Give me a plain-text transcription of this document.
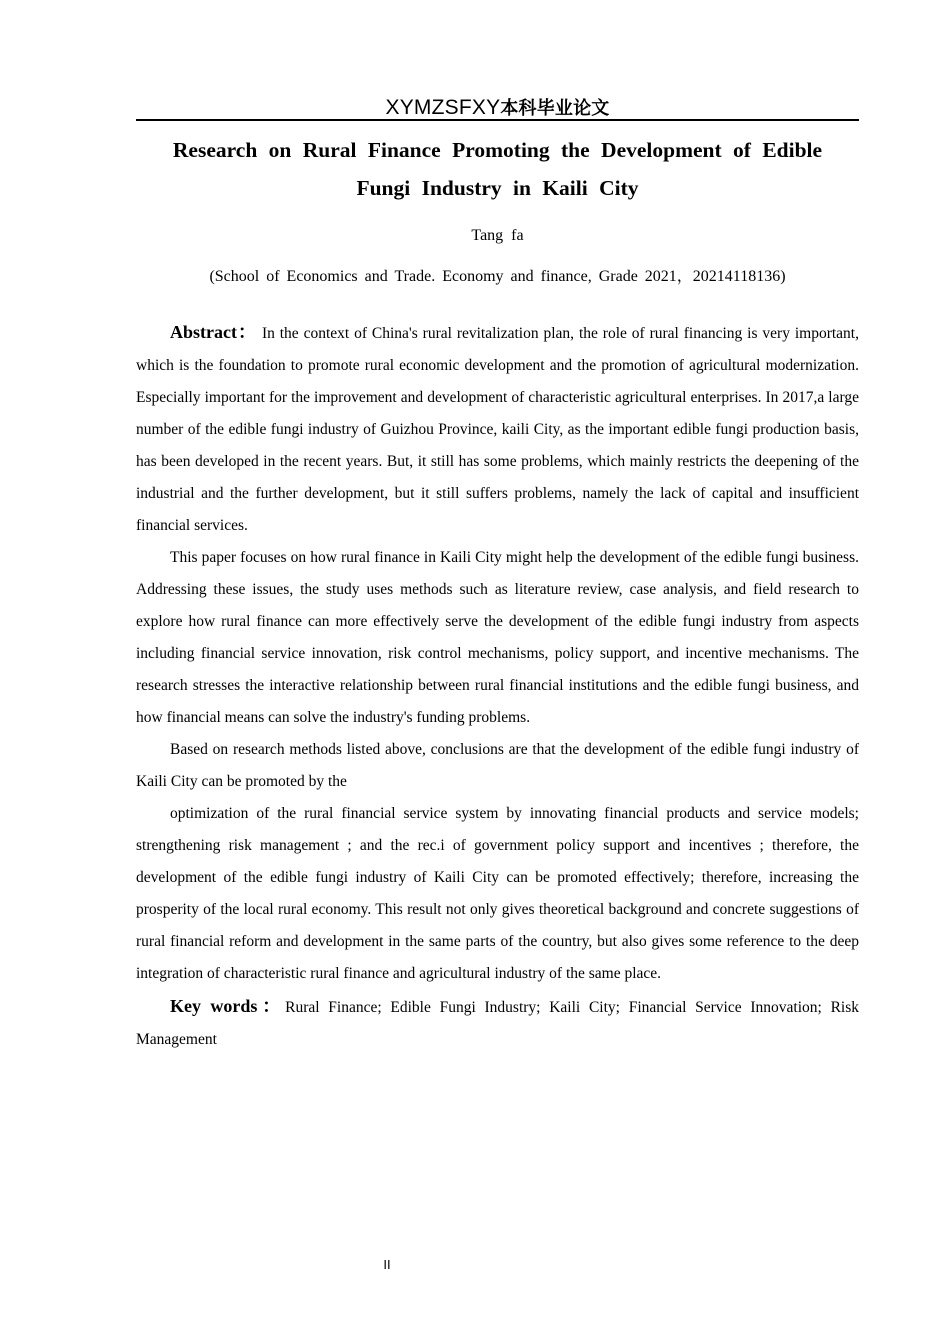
XYMZSFXY本科毕业论文
Research on Rural Finance Promoting the Development of Edible
Fungi Industry in Kaili City
Tang fa
(School of Economics and Trade. Economy and finance, Grade 2021，20214118136)

Abstract： In the context of China's rural revitalization plan, the role of rural financing is very important, which is the foundation to promote rural economic development and the promotion of agricultural modernization. Especially important for the improvement and development of characteristic agricultural enterprises. In 2017,a large number of the edible fungi industry of Guizhou Province, kaili City, as the important edible fungi production basis, has been developed in the recent years. But, it still has some problems, which mainly restricts the deepening of the industrial and the further development, but it still suffers problems, namely the lack of capital and insufficient financial services.

This paper focuses on how rural finance in Kaili City might help the development of the edible fungi business. Addressing these issues, the study uses methods such as literature review, case analysis, and field research to explore how rural finance can more effectively serve the development of the edible fungi industry from aspects including financial service innovation, risk control mechanisms, policy support, and incentive mechanisms. The research stresses the interactive relationship between rural financial institutions and the edible fungi business, and how financial means can solve the industry's funding problems.

Based on research methods listed above, conclusions are that the development of the edible fungi industry of Kaili City can be promoted by the

optimization of the rural financial service system by innovating financial products and service models; strengthening risk management ; and the rec.i of government policy support and incentives ; therefore, the development of the edible fungi industry of Kaili City can be promoted effectively; therefore, increasing the prosperity of the local rural economy. This result not only gives theoretical background and concrete suggestions of rural financial reform and development in the same parts of the country, but also gives some reference to the deep integration of characteristic rural finance and agricultural industry of the same place.

Key words：Rural Finance; Edible Fungi Industry; Kaili City; Financial Service Innovation; Risk Management

II
